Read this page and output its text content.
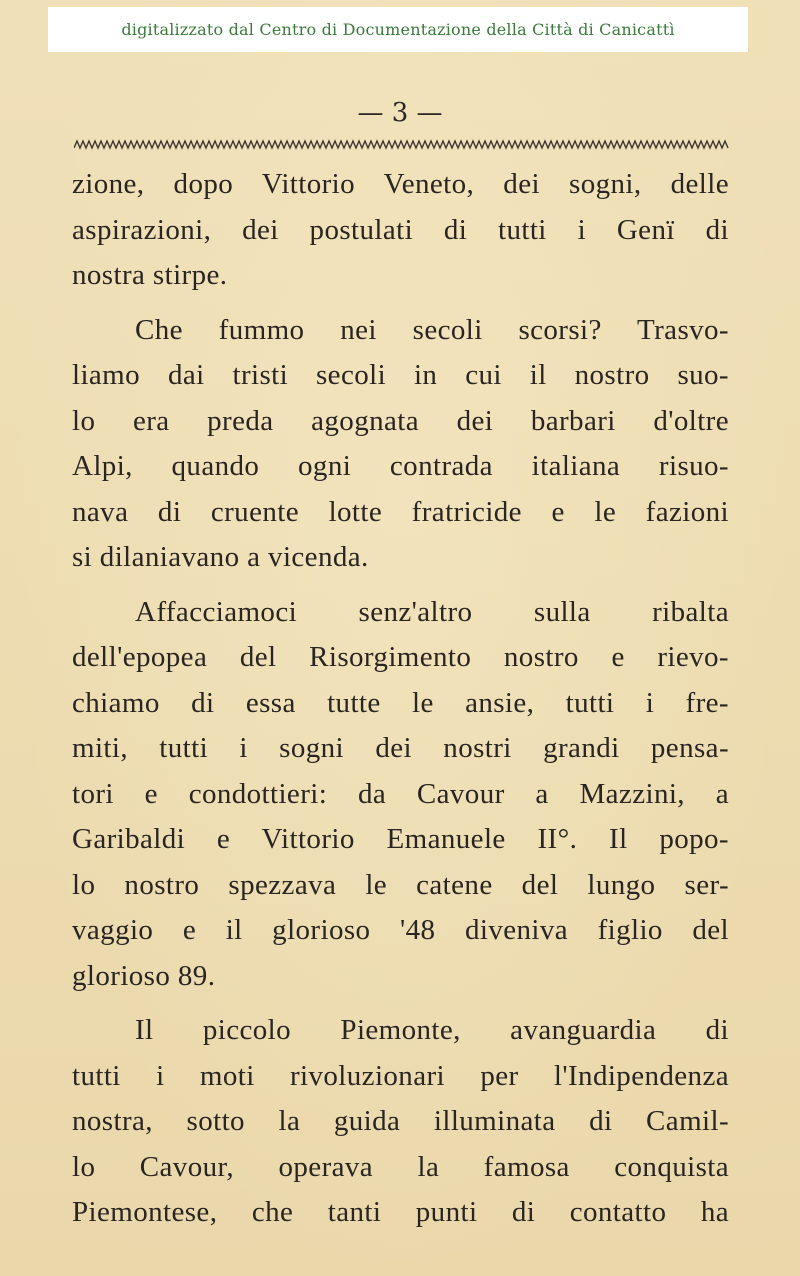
digitalizzato dal Centro di Documentazione della Città di Canicattì
— 3 —
zione, dopo Vittorio Veneto, dei sogni, delle
aspirazioni, dei postulati di tutti i Genï di
nostra stirpe.
Che fummo nei secoli scorsi? Trasvo-
liamo dai tristi secoli in cui il nostro suo-
lo era preda agognata dei barbari d'oltre
Alpi, quando ogni contrada italiana risuo-
nava di cruente lotte fratricide e le fazioni
si dilaniavano a vicenda.
Affacciamoci senz'altro sulla ribalta
dell'epopea del Risorgimento nostro e rievo-
chiamo di essa tutte le ansie, tutti i fre-
miti, tutti i sogni dei nostri grandi pensa-
tori e condottieri: da Cavour a Mazzini, a
Garibaldi e Vittorio Emanuele II°. Il popo-
lo nostro spezzava le catene del lungo ser-
vaggio e il glorioso '48 diveniva figlio del
glorioso 89.
Il piccolo Piemonte, avanguardia di
tutti i moti rivoluzionari per l'Indipendenza
nostra, sotto la guida illuminata di Camil-
lo Cavour, operava la famosa conquista
Piemontese, che tanti punti di contatto ha
